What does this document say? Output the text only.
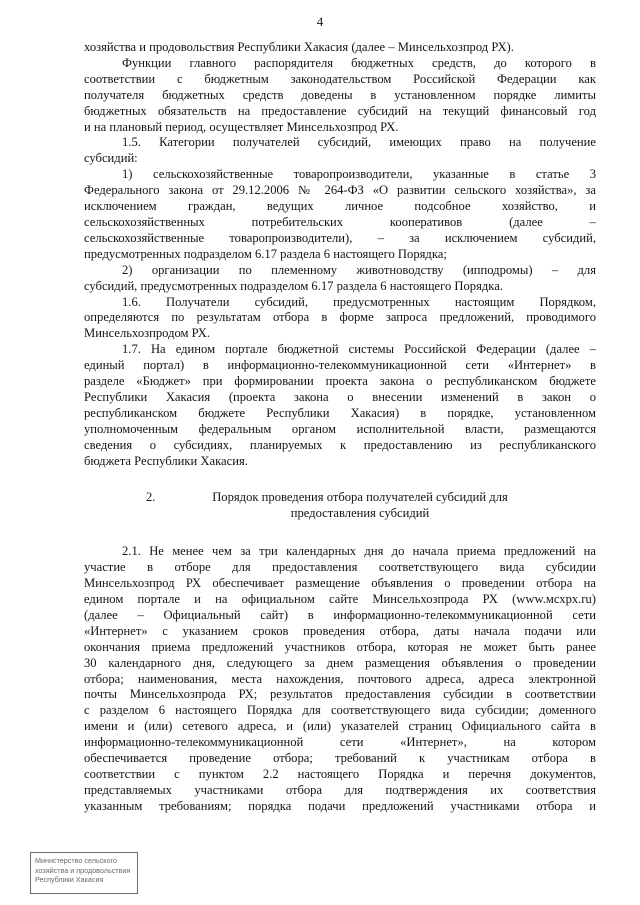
4
хозяйства и продовольствия Республики Хакасия (далее – Минсельхозпрод РХ).
Функции главного распорядителя бюджетных средств, до которого в
соответствии с бюджетным законодательством Российской Федерации как
получателя бюджетных средств доведены в установленном порядке лимиты
бюджетных обязательств на предоставление субсидий на текущий финансовый год
и на плановый период, осуществляет Минсельхозпрод РХ.
1.5. Категории получателей субсидий, имеющих право на получение
субсидий:
1) сельскохозяйственные товаропроизводители, указанные в статье 3
Федерального закона от 29.12.2006 № 264-ФЗ «О развитии сельского хозяйства», за
исключением граждан, ведущих личное подсобное хозяйство, и
сельскохозяйственных потребительских кооперативов (далее –
сельскохозяйственные товаропроизводители), – за исключением субсидий,
предусмотренных подразделом 6.17 раздела 6 настоящего Порядка;
2) организации по племенному животноводству (ипподромы) – для
субсидий, предусмотренных подразделом 6.17 раздела 6 настоящего Порядка.
1.6. Получатели субсидий, предусмотренных настоящим Порядком,
определяются по результатам отбора в форме запроса предложений, проводимого
Минсельхозпродом РХ.
1.7. На едином портале бюджетной системы Российской Федерации (далее –
единый портал) в информационно-телекоммуникационной сети «Интернет» в
разделе «Бюджет» при формировании проекта закона о республиканском бюджете
Республики Хакасия (проекта закона о внесении изменений в закон о
республиканском бюджете Республики Хакасия) в порядке, установленном
уполномоченным федеральным органом исполнительной власти, размещаются
сведения о субсидиях, планируемых к предоставлению из республиканского
бюджета Республики Хакасия.
2.	Порядок проведения отбора получателей субсидий для
предоставления субсидий
2.1. Не менее чем за три календарных дня до начала приема предложений на
участие в отборе для предоставления соответствующего вида субсидии
Минсельхозпрод РХ обеспечивает размещение объявления о проведении отбора на
едином портале и на официальном сайте Минсельхозпрода РХ (www.мсхрх.ru)
(далее – Официальный сайт) в информационно-телекоммуникационной сети
«Интернет» с указанием сроков проведения отбора, даты начала подачи или
окончания приема предложений участников отбора, которая не может быть ранее
30 календарного дня, следующего за днем размещения объявления о проведении
отбора; наименования, места нахождения, почтового адреса, адреса электронной
почты Минсельхозпрода РХ; результатов предоставления субсидии в соответствии
с разделом 6 настоящего Порядка для соответствующего вида субсидии; доменного
имени и (или) сетевого адреса, и (или) указателей страниц Официального сайта в
информационно-телекоммуникационной сети «Интернет», на котором
обеспечивается проведение отбора; требований к участникам отбора в
соответствии с пунктом 2.2 настоящего Порядка и перечня документов,
представляемых участниками отбора для подтверждения их соответствия
указанным требованиям; порядка подачи предложений участниками отбора и
Министерство сельского
хозяйства и продовольствия
Республики Хакасия
